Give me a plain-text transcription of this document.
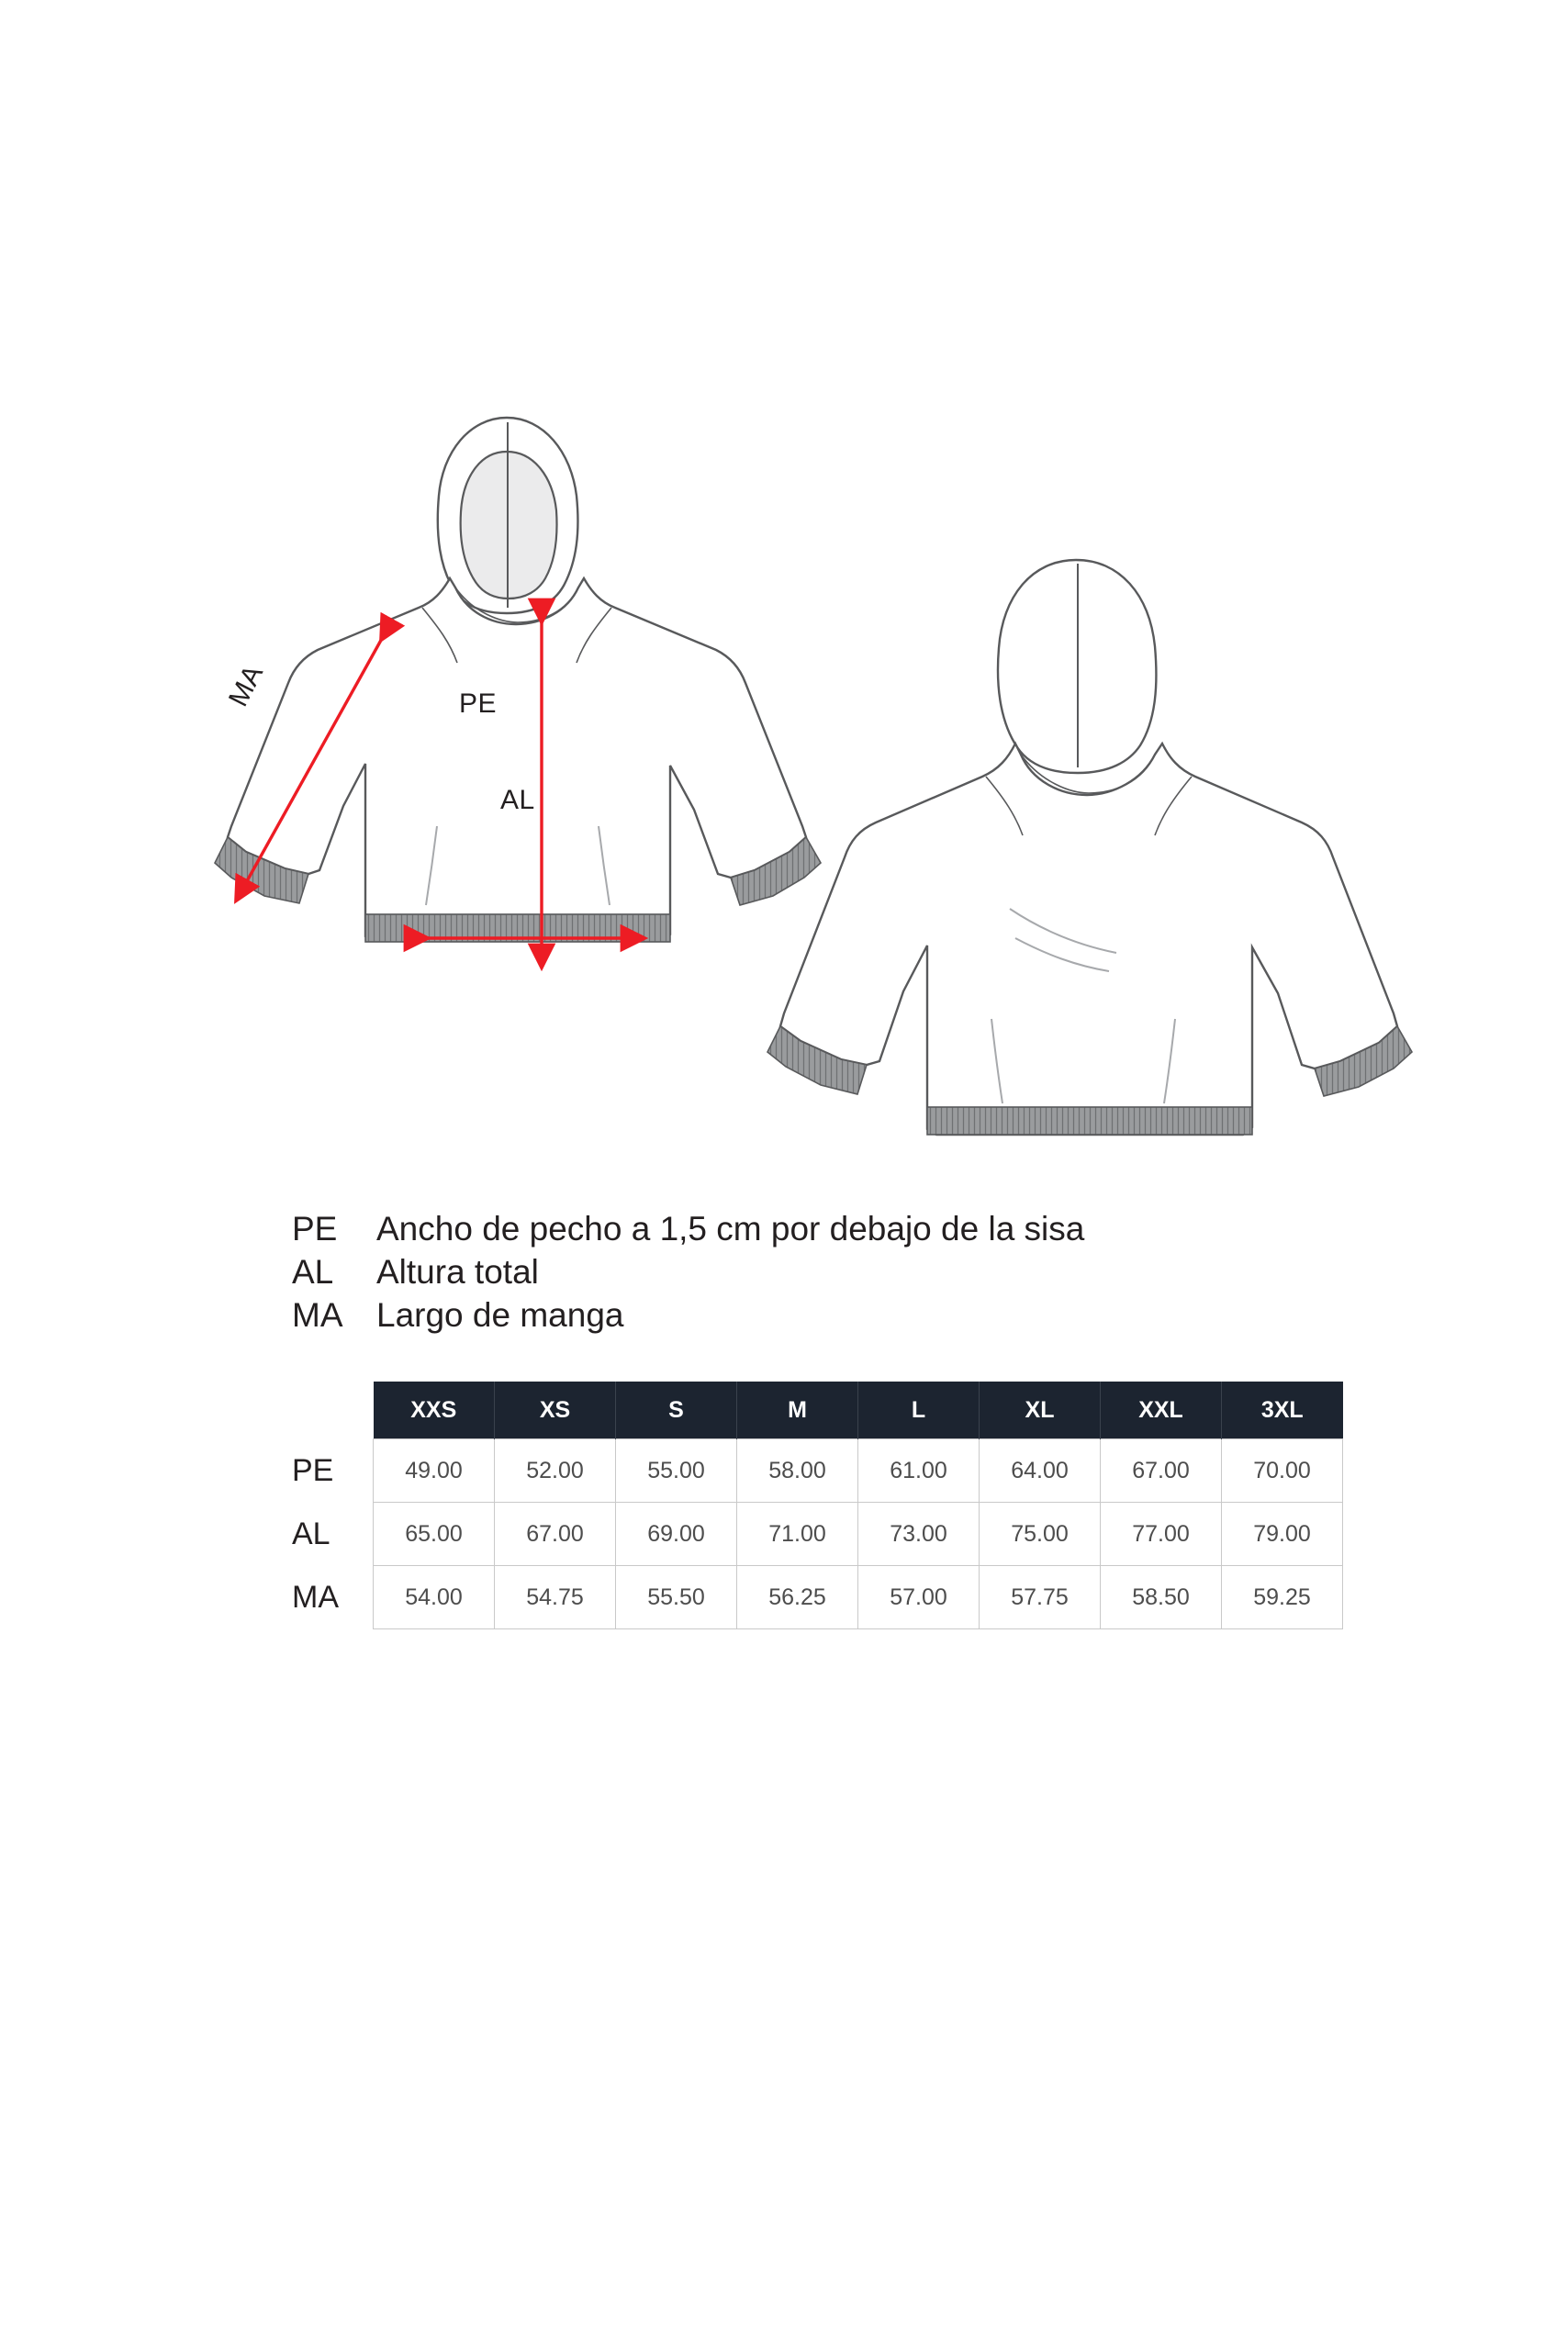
PE
AL
MA
PE	Ancho de pecho a 1,5 cm por debajo de la sisa
AL	Altura total
MA Largo de manga
	XXS	XS	S	M	L	XL	XXL	3XL
PE	49.00	52.00	55.00	58.00	61.00	64.00	67.00	70.00
AL	65.00	67.00	69.00	71.00	73.00	75.00	77.00	79.00
MA	54.00	54.75	55.50	56.25	57.00	57.75	58.50	59.25
